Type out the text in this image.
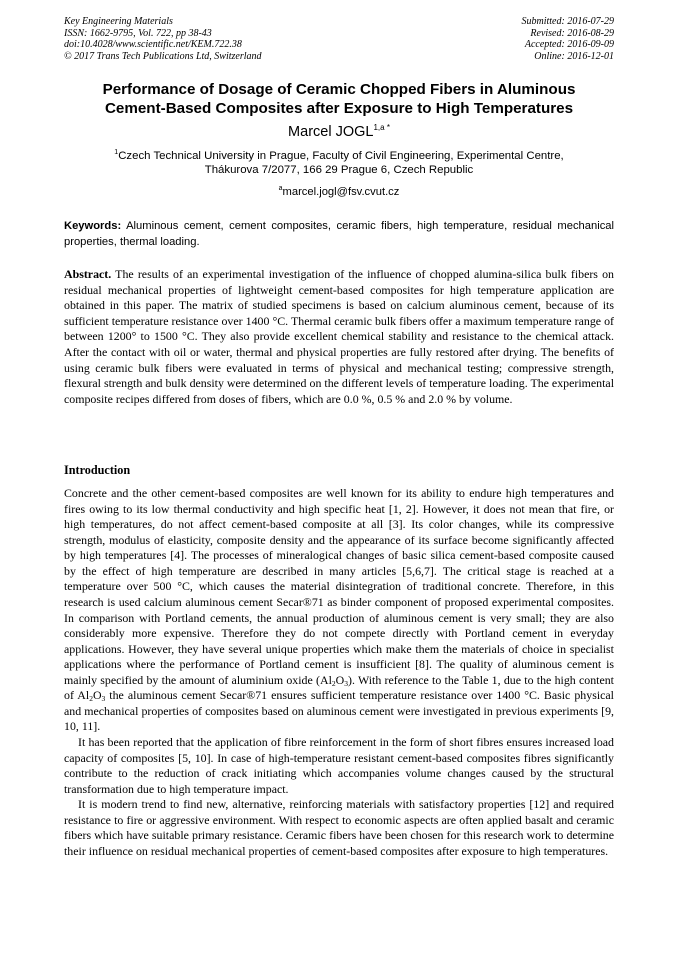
Key Engineering Materials
ISSN: 1662-9795, Vol. 722, pp 38-43
doi:10.4028/www.scientific.net/KEM.722.38
© 2017 Trans Tech Publications Ltd, Switzerland
Submitted: 2016-07-29
Revised: 2016-08-29
Accepted: 2016-09-09
Online: 2016-12-01
Performance of Dosage of Ceramic Chopped Fibers in Aluminous
Cement-Based Composites after Exposure to High Temperatures
Marcel $JOGL^{1,a *}$
$^1$Czech Technical University in Prague, Faculty of Civil Engineering, Experimental Centre,
Thákurova 7/2077, 166 29 Prague 6, Czech Republic
$^a$marcel.jogl@fsv.cvut.cz
Keywords: Aluminous cement, cement composites, ceramic fibers, high temperature, residual mechanical properties, thermal loading.
Abstract. The results of an experimental investigation of the influence of chopped alumina-silica bulk fibers on residual mechanical properties of lightweight cement-based composites for high temperature application are obtained in this paper. The matrix of studied specimens is based on calcium aluminous cement, because of its sufficient temperature resistance over 1400 °C. Thermal ceramic bulk fibers offer a maximum temperature range of between 1200° to 1500 °C. They also provide excellent chemical stability and resistance to the chemical attack. After the contact with oil or water, thermal and physical properties are fully restored after drying. The benefits of using ceramic bulk fibers were evaluated in terms of physical and mechanical testing; compressive strength, flexural strength and bulk density were determined on the different levels of temperature loading. The experimental composite recipes differed from doses of fibers, which are 0.0 %, 0.5 % and 2.0 % by volume.
Introduction

Concrete and the other cement-based composites are well known for its ability to endure high temperatures and fires owing to its low thermal conductivity and high specific heat [1, 2]. However, it does not mean that fire, or high temperatures, do not affect cement-based composite at all [3]. Its color changes, while its compressive strength, modulus of elasticity, composite density and the appearance of its surface become significantly affected by high temperatures [4]. The processes of mineralogical changes of basic silica cement-based composite caused by the effect of high temperature are described in many articles [5,6,7]. The critical stage is reached at a temperature over 500 °C, which causes the material disintegration of traditional concrete. Therefore, in this research is used calcium aluminous cement Secar®71 as binder component of proposed experimental composites. In comparison with Portland cements, the annual production of aluminous cement is very small; they are also considerably more expensive. Therefore they do not compete directly with Portland cement in everyday applications. However, they have several unique properties which make them the materials of choice in specialist applications where the performance of Portland cement is insufficient [8]. The quality of aluminous cement is mainly specified by the amount of aluminium oxide $(Al_2O_3)$. With reference to the Table 1, due to the high content of $Al_2O_3$ the aluminous cement Secar®71 ensures sufficient temperature resistance over 1400 °C. Basic physical and mechanical properties of composites based on aluminous cement were investigated in previous experiments [9, 10, 11].

It has been reported that the application of fibre reinforcement in the form of short fibres ensures increased load capacity of composites [5, 10]. In case of high-temperature resistant cement-based composites fibres significantly contribute to the reduction of crack initiating which accompanies volume changes caused by the structural transformation due to high temperature impact.

It is modern trend to find new, alternative, reinforcing materials with satisfactory properties [12] and required resistance to fire or aggressive environment. With respect to economic aspects are often applied basalt and ceramic fibers which have suitable primary resistance. Ceramic fibers have been chosen for this research work to determine their influence on residual mechanical properties of cement-based composites after exposure to high temperatures.
